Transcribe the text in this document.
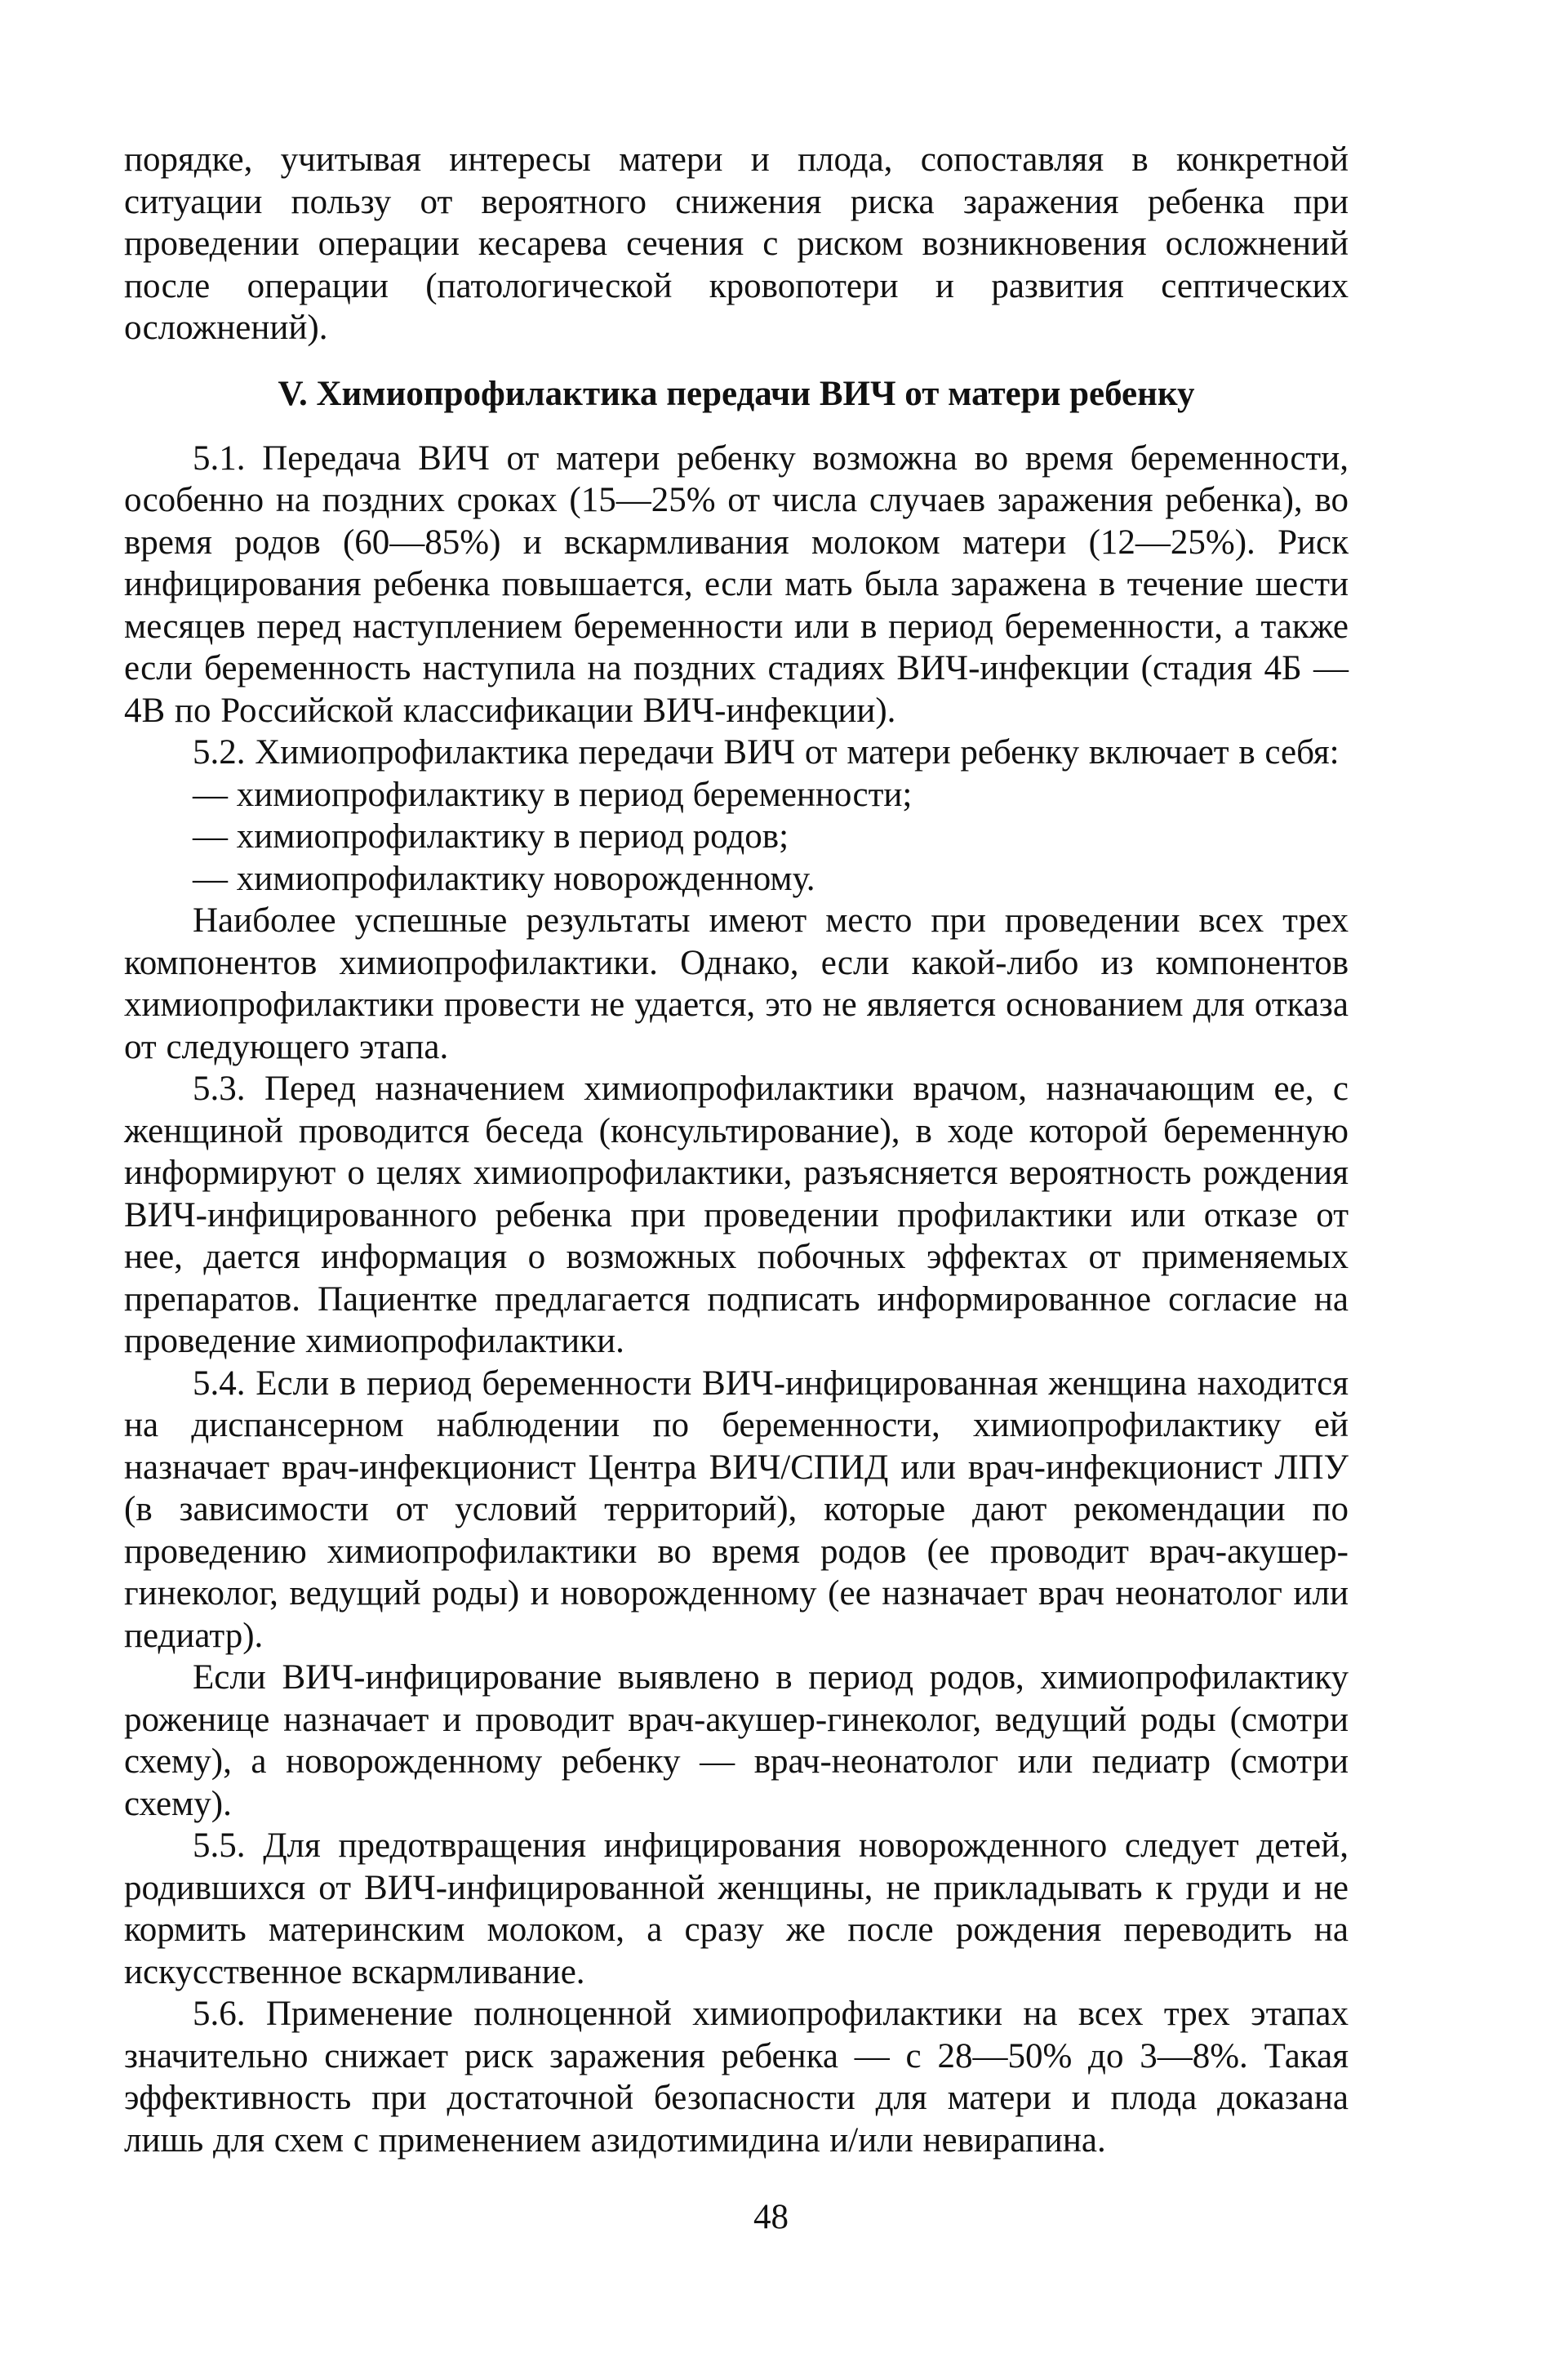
порядке, учитывая интересы матери и плода, сопоставляя в конкретной ситуации пользу от вероятного снижения риска заражения ребенка при проведении операции кесарева сечения с риском возникновения осложнений после операции (патологической кровопотери и развития септических осложнений).

V. Химиопрофилактика передачи ВИЧ от матери ребенку

5.1. Передача ВИЧ от матери ребенку возможна во время беременности, особенно на поздних сроках (15—25% от числа случаев заражения ребенка), во время родов (60—85%) и вскармливания молоком матери (12—25%). Риск инфицирования ребенка повышается, если мать была заражена в течение шести месяцев перед наступлением беременности или в период беременности, а также если беременность наступила на поздних стадиях ВИЧ-инфекции (стадия 4Б — 4В по Российской классификации ВИЧ-инфекции).

5.2. Химиопрофилактика передачи ВИЧ от матери ребенку включает в себя:

— химиопрофилактику в период беременности;
— химиопрофилактику в период родов;
— химиопрофилактику новорожденному.

Наиболее успешные результаты имеют место при проведении всех трех компонентов химиопрофилактики. Однако, если какой-либо из компонентов химиопрофилактики провести не удается, это не является основанием для отказа от следующего этапа.

5.3. Перед назначением химиопрофилактики врачом, назначающим ее, с женщиной проводится беседа (консультирование), в ходе которой беременную информируют о целях химиопрофилактики, разъясняется вероятность рождения ВИЧ-инфицированного ребенка при проведении профилактики или отказе от нее, дается информация о возможных побочных эффектах от применяемых препаратов. Пациентке предлагается подписать информированное согласие на проведение химиопрофилактики.

5.4. Если в период беременности ВИЧ-инфицированная женщина находится на диспансерном наблюдении по беременности, химиопрофилактику ей назначает врач-инфекционист Центра ВИЧ/СПИД или врач-инфекционист ЛПУ (в зависимости от условий территорий), которые дают рекомендации по проведению химиопрофилактики во время родов (ее проводит врач-акушер-гинеколог, ведущий роды) и новорожденному (ее назначает врач неонатолог или педиатр).

Если ВИЧ-инфицирование выявлено в период родов, химиопрофилактику роженице назначает и проводит врач-акушер-гинеколог, ведущий роды (смотри схему), а новорожденному ребенку — врач-неонатолог или педиатр (смотри схему).

5.5. Для предотвращения инфицирования новорожденного следует детей, родившихся от ВИЧ-инфицированной женщины, не прикладывать к груди и не кормить материнским молоком, а сразу же после рождения переводить на искусственное вскармливание.

5.6. Применение полноценной химиопрофилактики на всех трех этапах значительно снижает риск заражения ребенка — с 28—50% до 3—8%. Такая эффективность при достаточной безопасности для матери и плода доказана лишь для схем с применением азидотимидина и/или невирапина.

48
